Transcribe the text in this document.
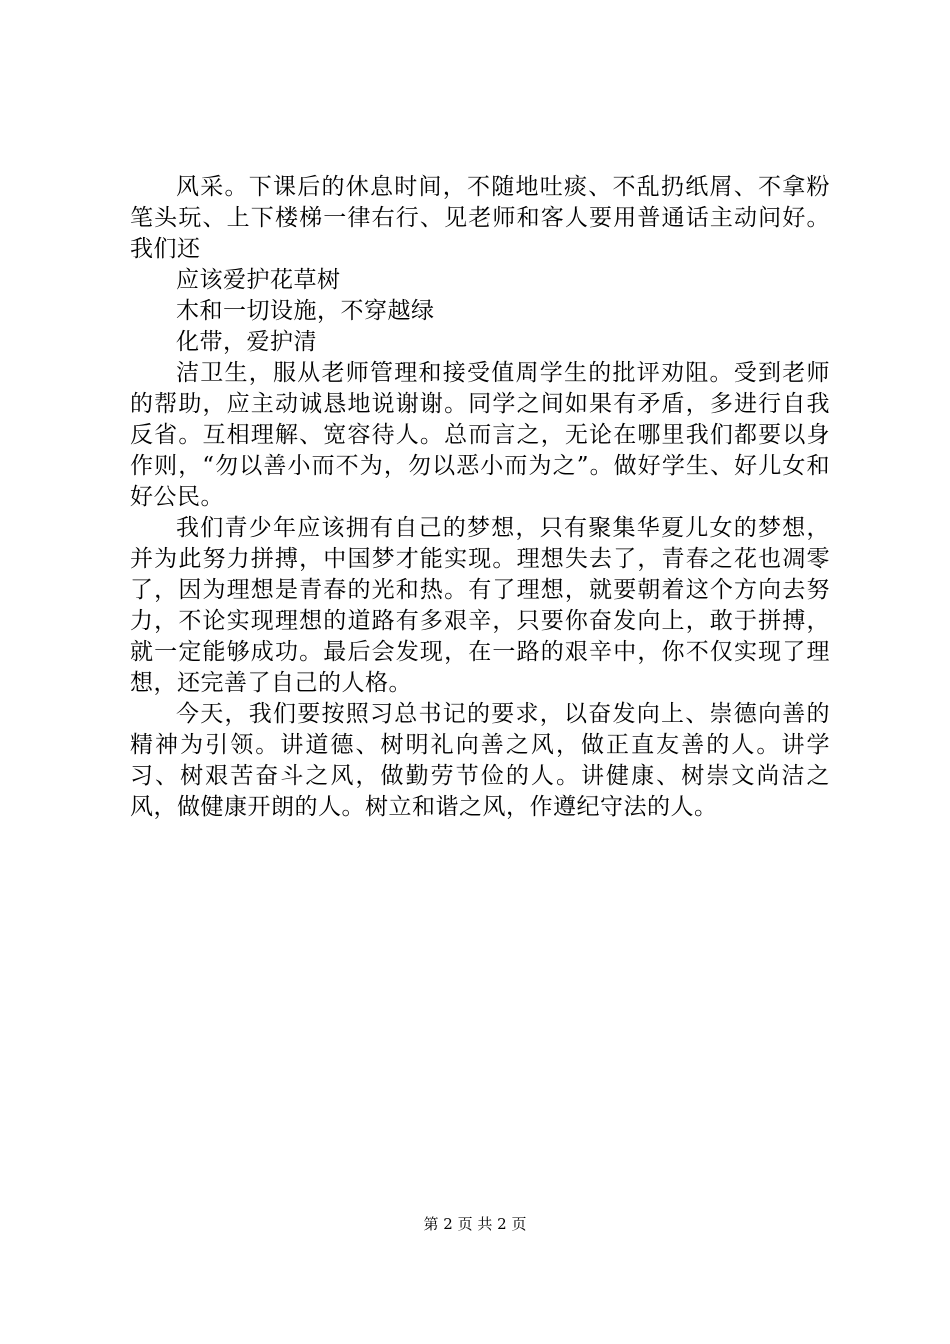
风采。下课后的休息时间，不随地吐痰、不乱扔纸屑、不拿粉笔头玩、上下楼梯一律右行、见老师和客人要用普通话主动问好。我们还

应该爱护花草树

木和一切设施，不穿越绿

化带，爱护清

洁卫生，服从老师管理和接受值周学生的批评劝阻。受到老师的帮助，应主动诚恳地说谢谢。同学之间如果有矛盾，多进行自我反省。互相理解、宽容待人。总而言之，无论在哪里我们都要以身作则，“勿以善小而不为，勿以恶小而为之”。做好学生、好儿女和好公民。

我们青少年应该拥有自己的梦想，只有聚集华夏儿女的梦想，并为此努力拼搏，中国梦才能实现。理想失去了，青春之花也凋零了，因为理想是青春的光和热。有了理想，就要朝着这个方向去努力，不论实现理想的道路有多艰辛，只要你奋发向上，敢于拼搏，就一定能够成功。最后会发现，在一路的艰辛中，你不仅实现了理想，还完善了自己的人格。

今天，我们要按照习总书记的要求，以奋发向上、崇德向善的精神为引领。讲道德、树明礼向善之风，做正直友善的人。讲学习、树艰苦奋斗之风，做勤劳节俭的人。讲健康、树崇文尚洁之风，做健康开朗的人。树立和谐之风，作遵纪守法的人。

第 2 页 共 2 页
